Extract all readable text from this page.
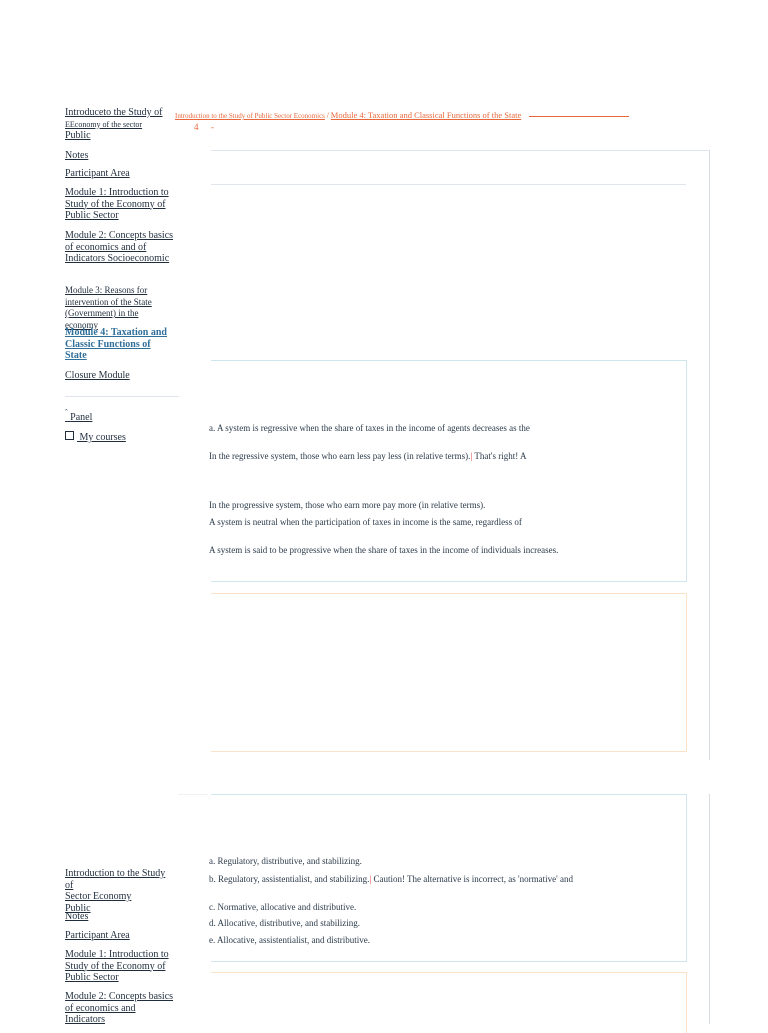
Introduction to the Study of Public Sector Economics / Module 4: Taxation and Classical Functions of the State
4 -
Introduceto the Study of
EEconomy of the sector
Public
Notes
Participant Area
Module 1: Introduction to Study of the Economy of Public Sector
Module 2: Concepts basics of economics and of Indicators Socioeconomic
Module 3: Reasons for intervention of the State (Government) in the economy
Module 4: Taxation and Classic Functions of State
Closure Module
$^ˆ$ Panel
My courses
a. A system is regressive when the share of taxes in the income of agents decreases as the
In the regressive system, those who earn less pay less (in relative terms).| That's right! A
In the progressive system, those who earn more pay more (in relative terms).
A system is neutral when the participation of taxes in income is the same, regardless of
A system is said to be progressive when the share of taxes in the income of individuals increases.
a. Regulatory, distributive, and stabilizing.
b. Regulatory, assistentialist, and stabilizing.| Caution! The alternative is incorrect, as 'normative' and
c. Normative, allocative and distributive.
d. Allocative, distributive, and stabilizing.
e. Allocative, assistentialist, and distributive.
Introduction to the Study of
Sector Economy
Public
Notes
Participant Area
Module 1: Introduction to Study of the Economy of Public Sector
Module 2: Concepts basics of economics and Indicators
